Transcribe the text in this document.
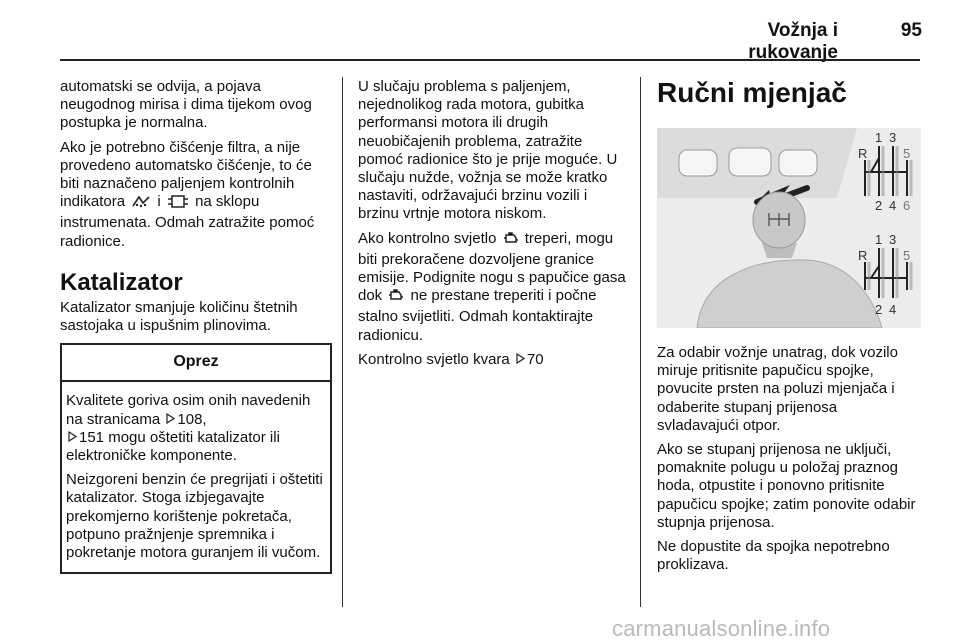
Vožnja i rukovanje
95

automatski se odvija, a pojava neugodnog mirisa i dima tijekom ovog postupka je normalna.

Ako je potrebno čišćenje filtra, a nije provedeno automatsko čišćenje, to će biti naznačeno paljenjem kontrolnih indikatora i na sklopu instrumenata. Odmah zatražite pomoć radionice.

Katalizator

Katalizator smanjuje količinu štetnih sastojaka u ispušnim plinovima.

Oprez

Kvalitete goriva osim onih navedenih na stranicama 108,
151 mogu oštetiti katalizator ili elektroničke komponente.

Neizgoreni benzin će pregrijati i oštetiti katalizator. Stoga izbjegavajte prekomjerno korištenje pokretača, potpuno pražnjenje spremnika i pokretanje motora guranjem ili vučom.

U slučaju problema s paljenjem, nejednolikog rada motora, gubitka performansi motora ili drugih neuobičajenih problema, zatražite pomoć radionice što je prije moguće. U slučaju nužde, vožnja se može kratko nastaviti, održavajući brzinu vozili i brzinu vrtnje motora niskom.

Ako kontrolno svjetlo treperi, mogu biti prekoračene dozvoljene granice emisije. Podignite nogu s papučice gasa dok ne prestane treperiti i počne stalno svijetliti. Odmah kontaktirajte radionicu.

Kontrolno svjetlo kvara 70

Ručni mjenjač
R
1 3
5
2 4 6
R
1 3
5
2 4

Za odabir vožnje unatrag, dok vozilo miruje pritisnite papučicu spojke, povucite prsten na poluzi mjenjača i odaberite stupanj prijenosa svladavajući otpor.

Ako se stupanj prijenosa ne uključi, pomaknite polugu u položaj praznog hoda, otpustite i ponovno pritisnite papučicu spojke; zatim ponovite odabir stupnja prijenosa.

Ne dopustite da spojka nepotrebno proklizava.

carmanualsonline.info
